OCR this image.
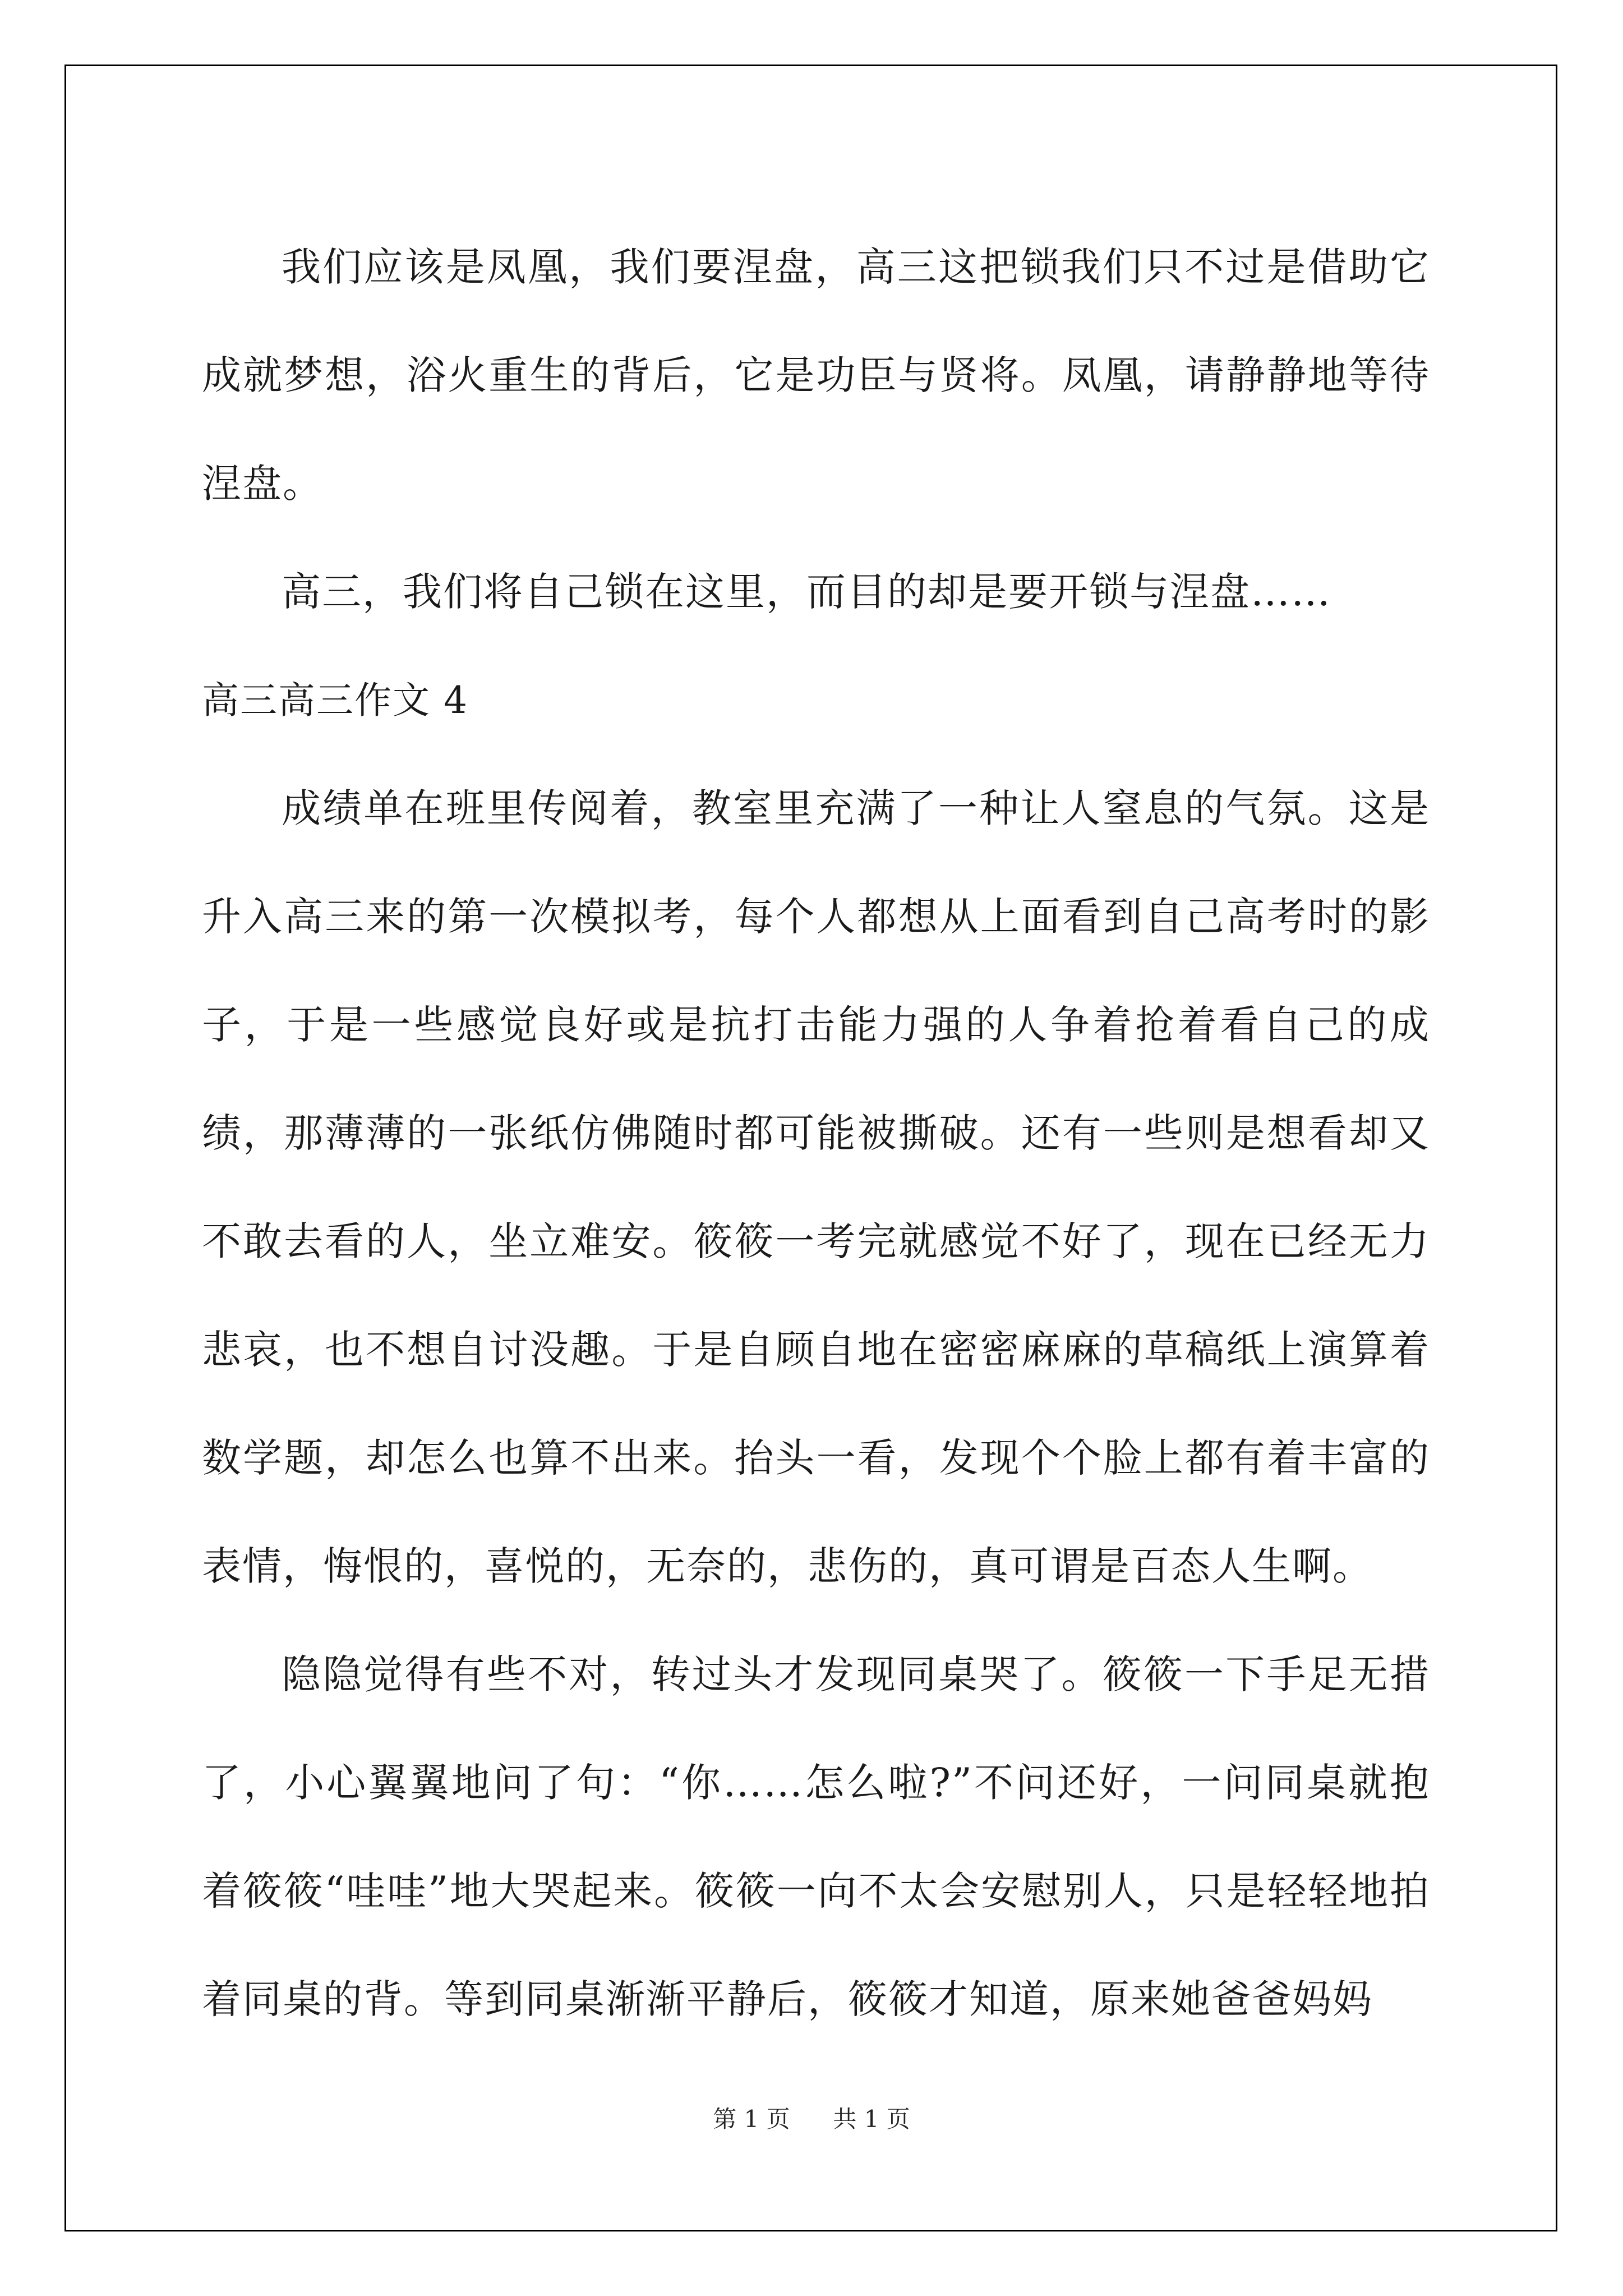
我们应该是凤凰，我们要涅盘，高三这把锁我们只不过是借助它成就梦想，浴火重生的背后，它是功臣与贤将。凤凰，请静静地等待涅盘。

高三，我们将自己锁在这里，而目的却是要开锁与涅盘……

高三高三作文 4

成绩单在班里传阅着，教室里充满了一种让人窒息的气氛。这是升入高三来的第一次模拟考，每个人都想从上面看到自己高考时的影子，于是一些感觉良好或是抗打击能力强的人争着抢着看自己的成绩，那薄薄的一张纸仿佛随时都可能被撕破。还有一些则是想看却又不敢去看的人，坐立难安。筱筱一考完就感觉不好了，现在已经无力悲哀，也不想自讨没趣。于是自顾自地在密密麻麻的草稿纸上演算着数学题，却怎么也算不出来。抬头一看，发现个个脸上都有着丰富的表情，悔恨的，喜悦的，无奈的，悲伤的，真可谓是百态人生啊。

隐隐觉得有些不对，转过头才发现同桌哭了。筱筱一下手足无措了，小心翼翼地问了句：“你……怎么啦?”不问还好，一问同桌就抱着筱筱“哇哇”地大哭起来。筱筱一向不太会安慰别人，只是轻轻地拍着同桌的背。等到同桌渐渐平静后，筱筱才知道，原来她爸爸妈妈

第 1 页 共 1 页
